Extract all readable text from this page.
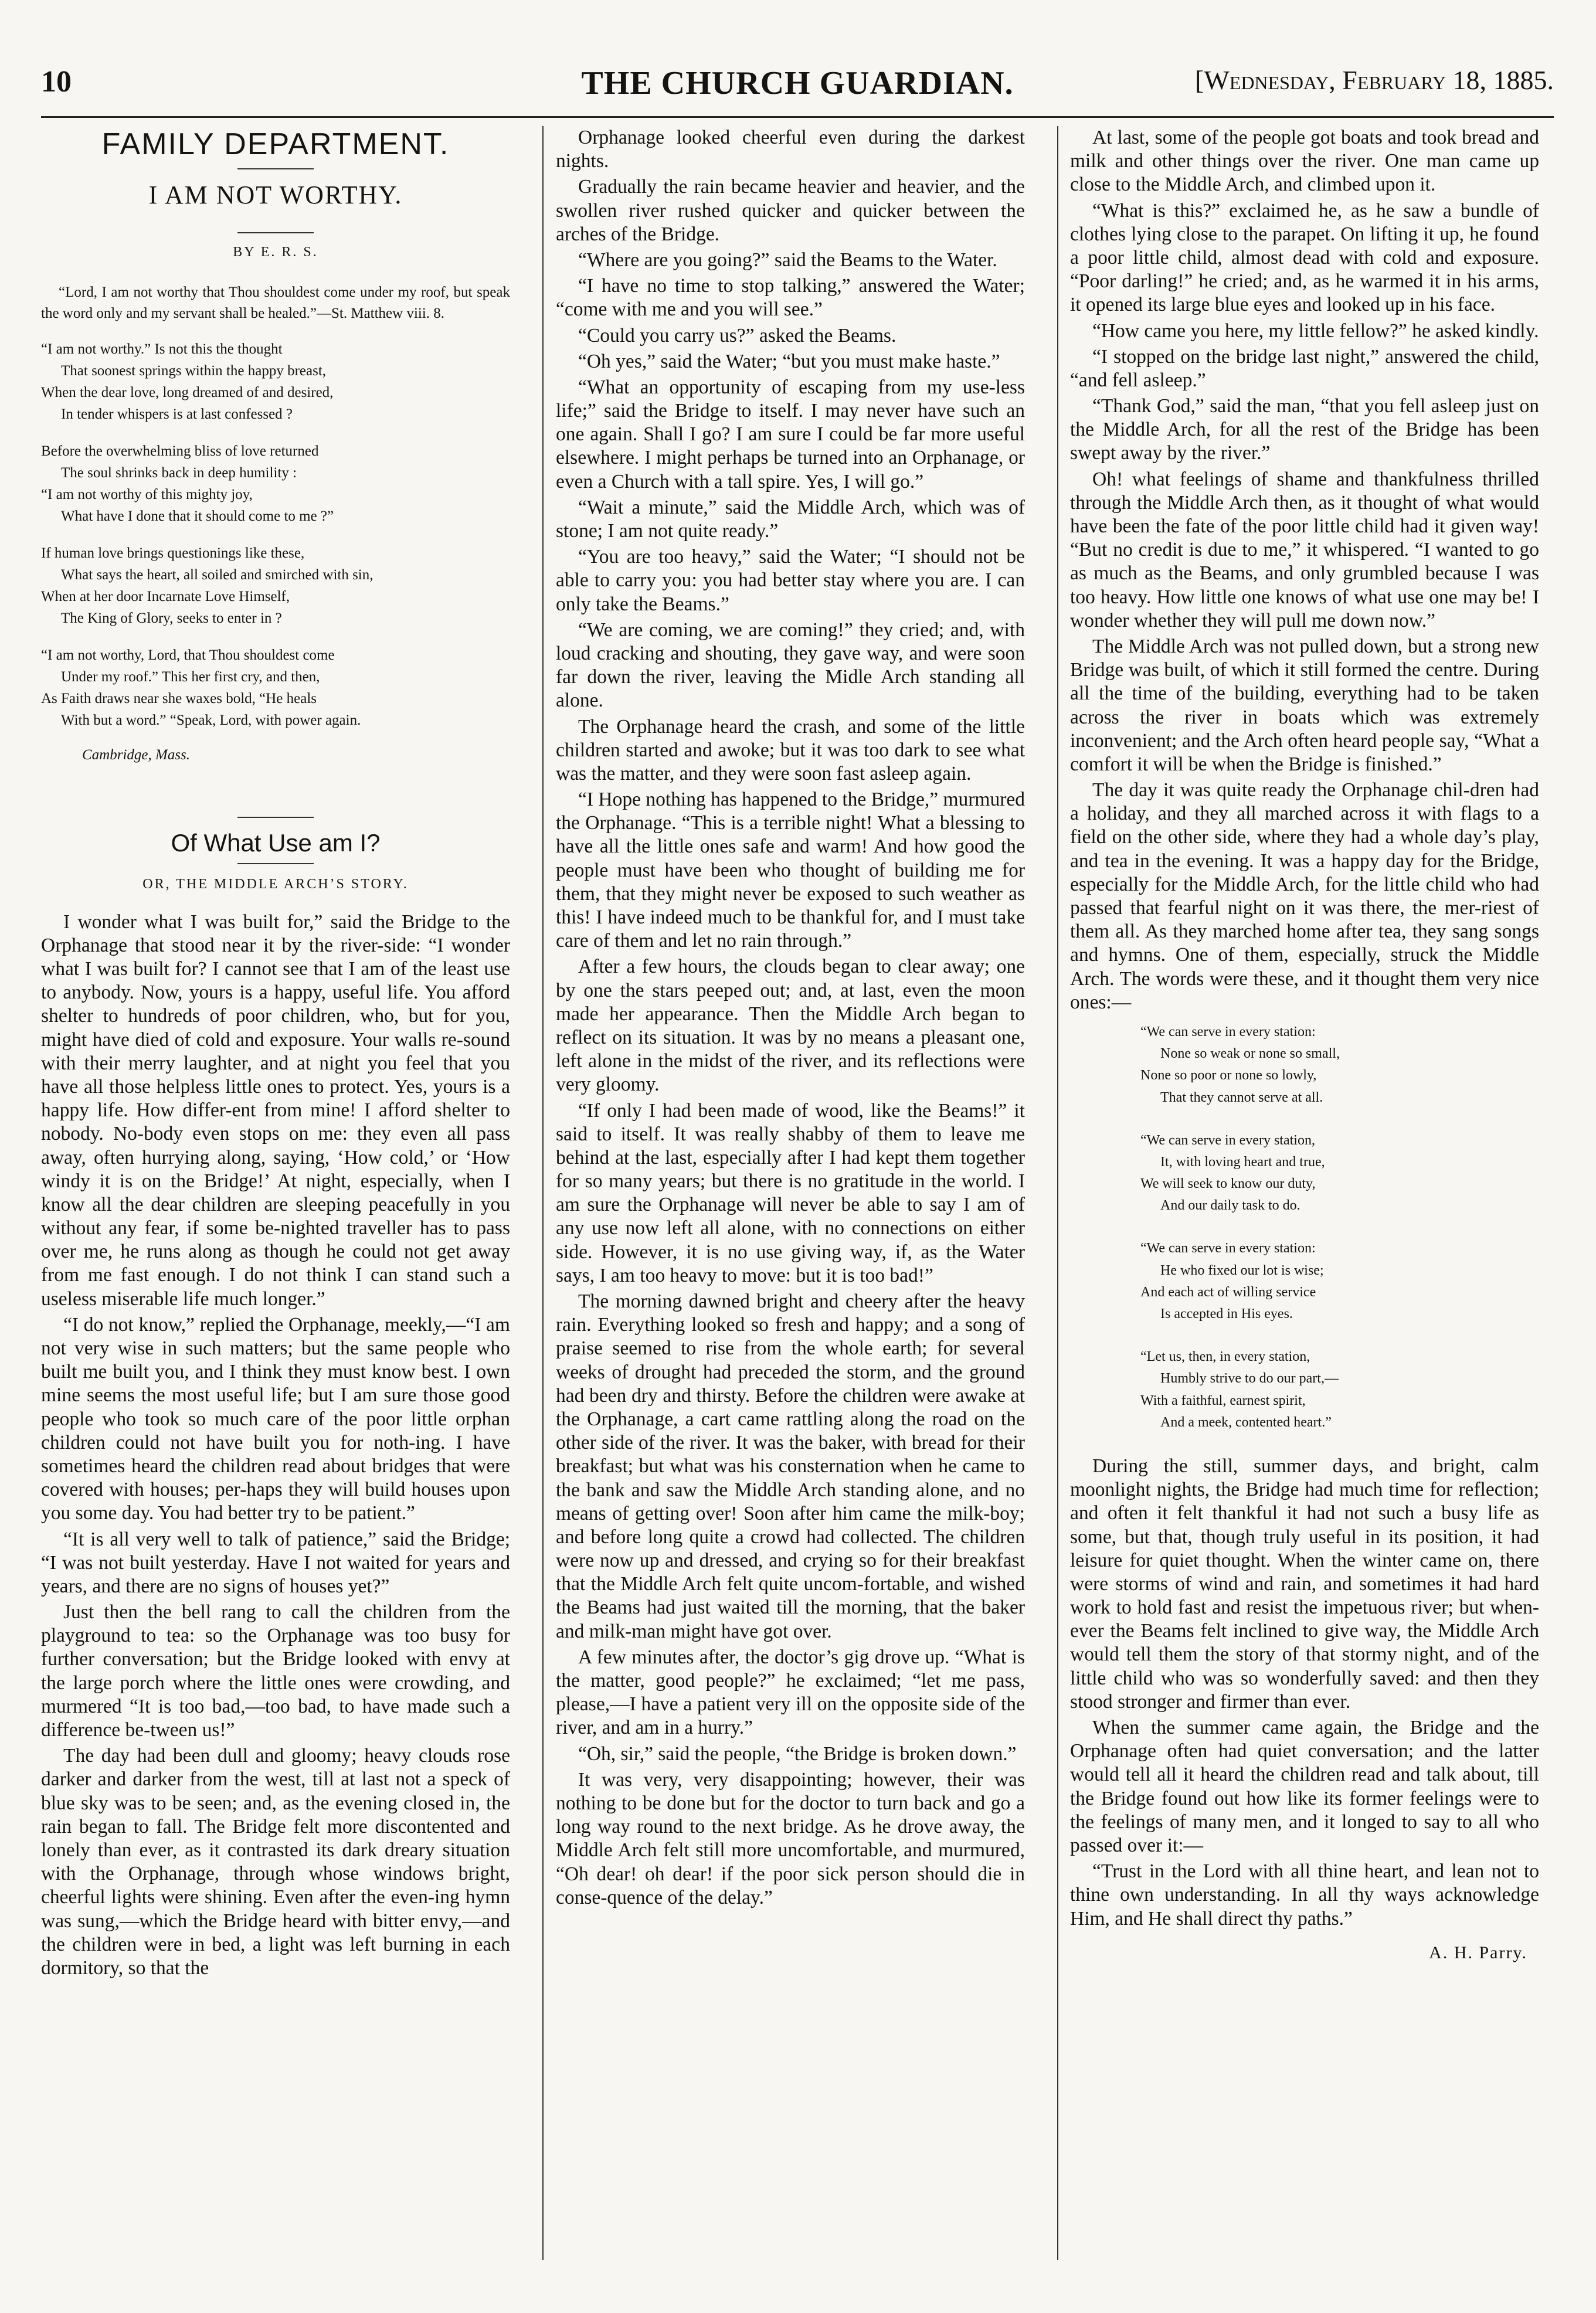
10	THE CHURCH GUARDIAN.	[Wednesday, February 18, 1885.
FAMILY DEPARTMENT.
I AM NOT WORTHY.
BY E. R. S.
“Lord, I am not worthy that Thou shouldest come under my roof, but speak the word only and my servant shall be healed.”—St. Matthew viii. 8.
“I am not worthy.” Is not this the thought
That soonest springs within the happy breast,
When the dear love, long dreamed of and desired,
In tender whispers is at last confessed ?
Before the overwhelming bliss of love returned
The soul shrinks back in deep humility :
“I am not worthy of this mighty joy,
What have I done that it should come to me ?”
If human love brings questionings like these,
What says the heart, all soiled and smirched with sin,
When at her door Incarnate Love Himself,
The King of Glory, seeks to enter in ?
“I am not worthy, Lord, that Thou shouldest come
Under my roof.” This her first cry, and then,
As Faith draws near she waxes bold, “He heals
With but a word.” “Speak, Lord, with power again.
Cambridge, Mass.
Of What Use am I?
OR, THE MIDDLE ARCH’S STORY.

I wonder what I was built for,” said the Bridge to the Orphanage that stood near it by the river-side: “I wonder what I was built for? I cannot see that I am of the least use to anybody. Now, yours is a happy, useful life. You afford shelter to hundreds of poor children, who, but for you, might have died of cold and exposure. Your walls re-sound with their merry laughter, and at night you feel that you have all those helpless little ones to protect. Yes, yours is a happy life. How differ-ent from mine! I afford shelter to nobody. No-body even stops on me: they even all pass away, often hurrying along, saying, ‘How cold,’ or ‘How windy it is on the Bridge!’ At night, especially, when I know all the dear children are sleeping peacefully in you without any fear, if some be-nighted traveller has to pass over me, he runs along as though he could not get away from me fast enough. I do not think I can stand such a useless miserable life much longer.”

“I do not know,” replied the Orphanage, meekly,—“I am not very wise in such matters; but the same people who built me built you, and I think they must know best. I own mine seems the most useful life; but I am sure those good people who took so much care of the poor little orphan children could not have built you for noth-ing. I have sometimes heard the children read about bridges that were covered with houses; per-haps they will build houses upon you some day. You had better try to be patient.”

“It is all very well to talk of patience,” said the Bridge; “I was not built yesterday. Have I not waited for years and years, and there are no signs of houses yet?”

Just then the bell rang to call the children from the playground to tea: so the Orphanage was too busy for further conversation; but the Bridge looked with envy at the large porch where the little ones were crowding, and murmered “It is too bad,—too bad, to have made such a difference be-tween us!”

The day had been dull and gloomy; heavy clouds rose darker and darker from the west, till at last not a speck of blue sky was to be seen; and, as the evening closed in, the rain began to fall. The Bridge felt more discontented and lonely than ever, as it contrasted its dark dreary situation with the Orphanage, through whose windows bright, cheerful lights were shining. Even after the even-ing hymn was sung,—which the Bridge heard with bitter envy,—and the children were in bed, a light was left burning in each dormitory, so that the

Orphanage looked cheerful even during the darkest nights.

Gradually the rain became heavier and heavier, and the swollen river rushed quicker and quicker between the arches of the Bridge.

“Where are you going?” said the Beams to the Water.

“I have no time to stop talking,” answered the Water; “come with me and you will see.”

“Could you carry us?” asked the Beams.

“Oh yes,” said the Water; “but you must make haste.”

“What an opportunity of escaping from my use-less life;” said the Bridge to itself. I may never have such an one again. Shall I go? I am sure I could be far more useful elsewhere. I might perhaps be turned into an Orphanage, or even a Church with a tall spire. Yes, I will go.”

“Wait a minute,” said the Middle Arch, which was of stone; I am not quite ready.”

“You are too heavy,” said the Water; “I should not be able to carry you: you had better stay where you are. I can only take the Beams.”

“We are coming, we are coming!” they cried; and, with loud cracking and shouting, they gave way, and were soon far down the river, leaving the Midle Arch standing all alone.

The Orphanage heard the crash, and some of the little children started and awoke; but it was too dark to see what was the matter, and they were soon fast asleep again.

“I Hope nothing has happened to the Bridge,” murmured the Orphanage. “This is a terrible night! What a blessing to have all the little ones safe and warm! And how good the people must have been who thought of building me for them, that they might never be exposed to such weather as this! I have indeed much to be thankful for, and I must take care of them and let no rain through.”

After a few hours, the clouds began to clear away; one by one the stars peeped out; and, at last, even the moon made her appearance. Then the Middle Arch began to reflect on its situation. It was by no means a pleasant one, left alone in the midst of the river, and its reflections were very gloomy.

“If only I had been made of wood, like the Beams!” it said to itself. It was really shabby of them to leave me behind at the last, especially after I had kept them together for so many years; but there is no gratitude in the world. I am sure the Orphanage will never be able to say I am of any use now left all alone, with no connections on either side. However, it is no use giving way, if, as the Water says, I am too heavy to move: but it is too bad!”

The morning dawned bright and cheery after the heavy rain. Everything looked so fresh and happy; and a song of praise seemed to rise from the whole earth; for several weeks of drought had preceded the storm, and the ground had been dry and thirsty. Before the children were awake at the Orphanage, a cart came rattling along the road on the other side of the river. It was the baker, with bread for their breakfast; but what was his consternation when he came to the bank and saw the Middle Arch standing alone, and no means of getting over! Soon after him came the milk-boy; and before long quite a crowd had collected. The children were now up and dressed, and crying so for their breakfast that the Middle Arch felt quite uncom-fortable, and wished the Beams had just waited till the morning, that the baker and milk-man might have got over.

A few minutes after, the doctor’s gig drove up. “What is the matter, good people?” he exclaimed; “let me pass, please,—I have a patient very ill on the opposite side of the river, and am in a hurry.”

“Oh, sir,” said the people, “the Bridge is broken down.”

It was very, very disappointing; however, their was nothing to be done but for the doctor to turn back and go a long way round to the next bridge. As he drove away, the Middle Arch felt still more uncomfortable, and murmured, “Oh dear! oh dear! if the poor sick person should die in conse-quence of the delay.”

At last, some of the people got boats and took bread and milk and other things over the river. One man came up close to the Middle Arch, and climbed upon it.

“What is this?” exclaimed he, as he saw a bundle of clothes lying close to the parapet. On lifting it up, he found a poor little child, almost dead with cold and exposure. “Poor darling!” he cried; and, as he warmed it in his arms, it opened its large blue eyes and looked up in his face.

“How came you here, my little fellow?” he asked kindly.

“I stopped on the bridge last night,” answered the child, “and fell asleep.”

“Thank God,” said the man, “that you fell asleep just on the Middle Arch, for all the rest of the Bridge has been swept away by the river.”

Oh! what feelings of shame and thankfulness thrilled through the Middle Arch then, as it thought of what would have been the fate of the poor little child had it given way! “But no credit is due to me,” it whispered. “I wanted to go as much as the Beams, and only grumbled because I was too heavy. How little one knows of what use one may be! I wonder whether they will pull me down now.”

The Middle Arch was not pulled down, but a strong new Bridge was built, of which it still formed the centre. During all the time of the building, everything had to be taken across the river in boats which was extremely inconvenient; and the Arch often heard people say, “What a comfort it will be when the Bridge is finished.”

The day it was quite ready the Orphanage chil-dren had a holiday, and they all marched across it with flags to a field on the other side, where they had a whole day’s play, and tea in the evening. It was a happy day for the Bridge, especially for the Middle Arch, for the little child who had passed that fearful night on it was there, the mer-riest of them all. As they marched home after tea, they sang songs and hymns. One of them, especially, struck the Middle Arch. The words were these, and it thought them very nice ones:—

“We can serve in every station:
None so weak or none so small,
None so poor or none so lowly,
That they cannot serve at all.
“We can serve in every station,
It, with loving heart and true,
We will seek to know our duty,
And our daily task to do.
“We can serve in every station:
He who fixed our lot is wise;
And each act of willing service
Is accepted in His eyes.
“Let us, then, in every station,
Humbly strive to do our part,—
With a faithful, earnest spirit,
And a meek, contented heart.”

During the still, summer days, and bright, calm moonlight nights, the Bridge had much time for reflection; and often it felt thankful it had not such a busy life as some, but that, though truly useful in its position, it had leisure for quiet thought. When the winter came on, there were storms of wind and rain, and sometimes it had hard work to hold fast and resist the impetuous river; but when-ever the Beams felt inclined to give way, the Middle Arch would tell them the story of that stormy night, and of the little child who was so wonderfully saved: and then they stood stronger and firmer than ever.

When the summer came again, the Bridge and the Orphanage often had quiet conversation; and the latter would tell all it heard the children read and talk about, till the Bridge found out how like its former feelings were to the feelings of many men, and it longed to say to all who passed over it:—

“Trust in the Lord with all thine heart, and lean not to thine own understanding. In all thy ways acknowledge Him, and He shall direct thy paths.”

A. H. Parry.
